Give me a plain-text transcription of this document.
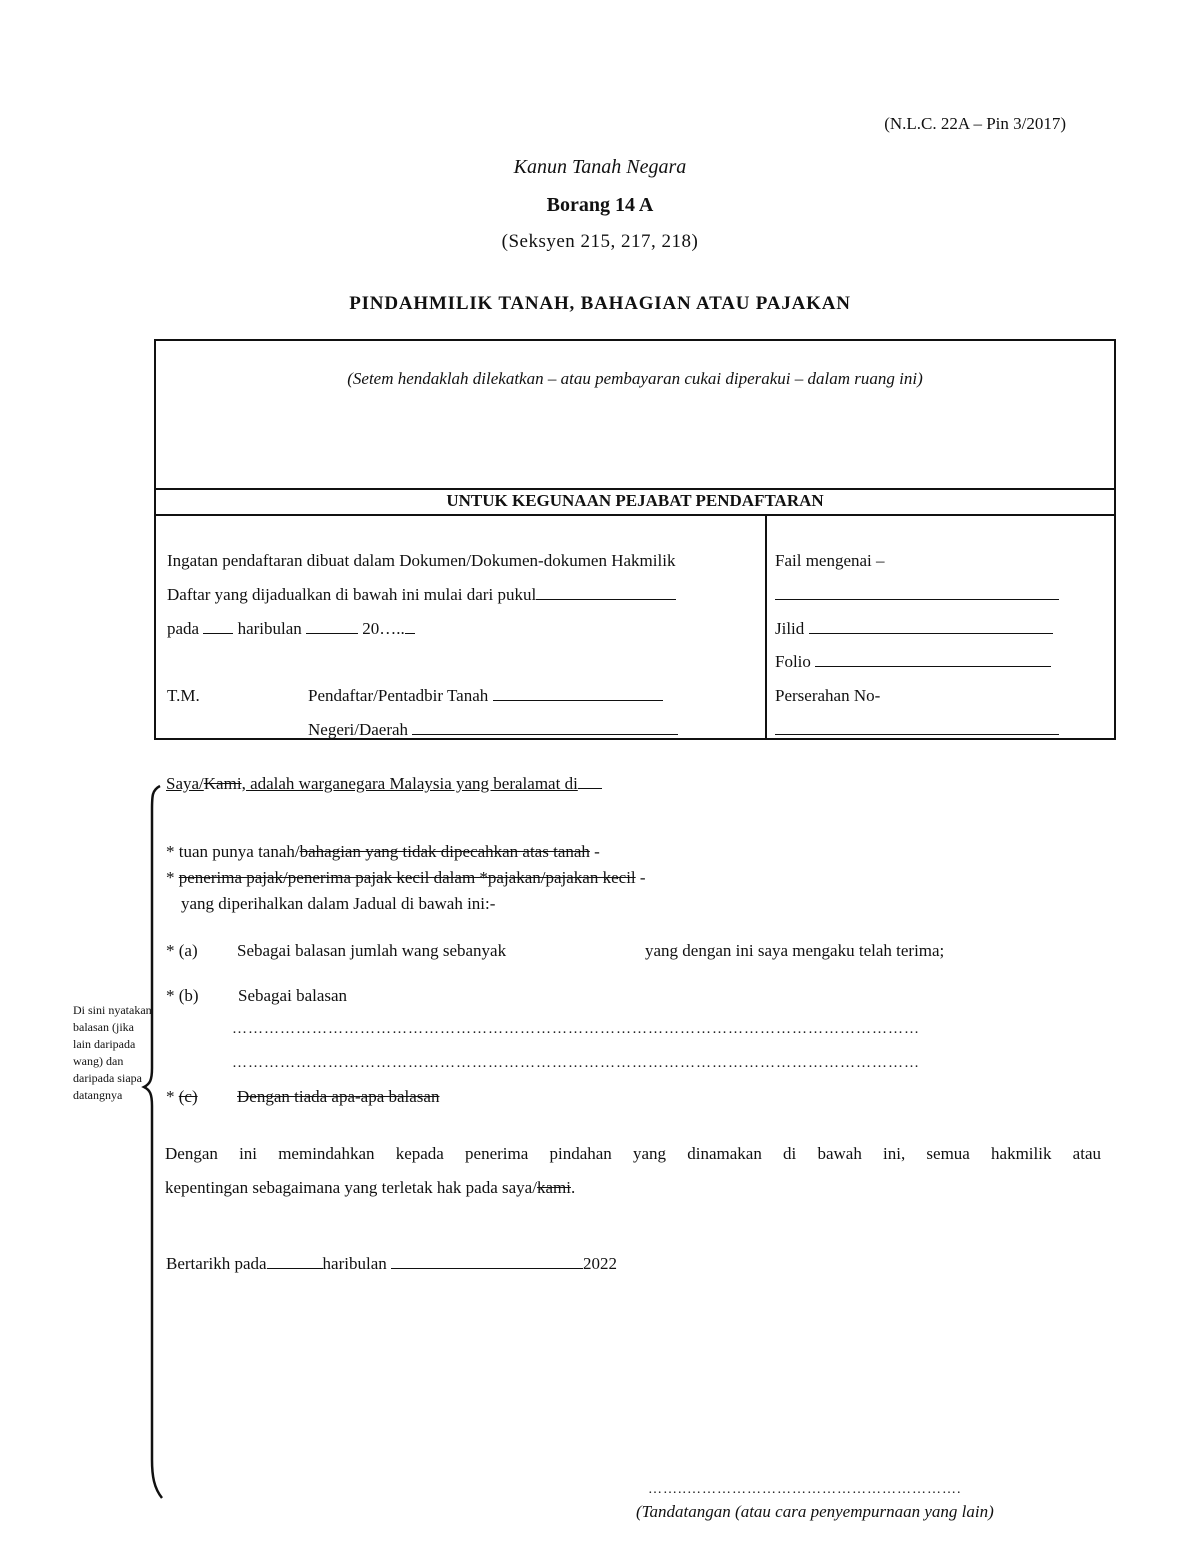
(N.L.C. 22A – Pin 3/2017)
Kanun Tanah Negara
Borang 14 A
(Seksyen 215, 217, 218)
PINDAHMILIK TANAH, BAHAGIAN ATAU PAJAKAN
(Setem hendaklah dilekatkan – atau pembayaran cukai diperakui – dalam ruang ini)
UNTUK KEGUNAAN PEJABAT PENDAFTARAN
Ingatan pendaftaran dibuat dalam Dokumen/Dokumen-dokumen Hakmilik
Daftar yang dijadualkan di bawah ini mulai dari pukul
pada haribulan	20…..
T.M.	Pendaftar/Pentadbir Tanah
Negeri/Daerah
Fail mengenai –
Jilid
Folio
Perserahan No-
Di sini nyatakan balasan (jika lain daripada wang) dan daripada siapa datangnya
Saya/Kami, adalah warganegara Malaysia yang beralamat di
* tuan punya tanah/bahagian yang tidak dipecahkan atas tanah -
* penerima pajak/penerima pajak kecil dalam *pajakan/pajakan kecil -
yang diperihalkan dalam Jadual di bawah ini:-
* (a) Sebagai balasan jumlah wang sebanyak	yang dengan ini saya mengaku telah terima;
* (b) Sebagai balasan
…………………………………………………………………………………………………………………
…………………………………………………………………………………………………………………
* (c) Dengan tiada apa-apa balasan
Dengan ini memindahkan kepada penerima pindahan yang dinamakan di bawah ini, semua hakmilik atau
kepentingan sebagaimana yang terletak hak pada saya/kami.
Bertarikh pada	haribulan	2022
……..……………………………………………….
(Tandatangan (atau cara penyempurnaan yang lain)
